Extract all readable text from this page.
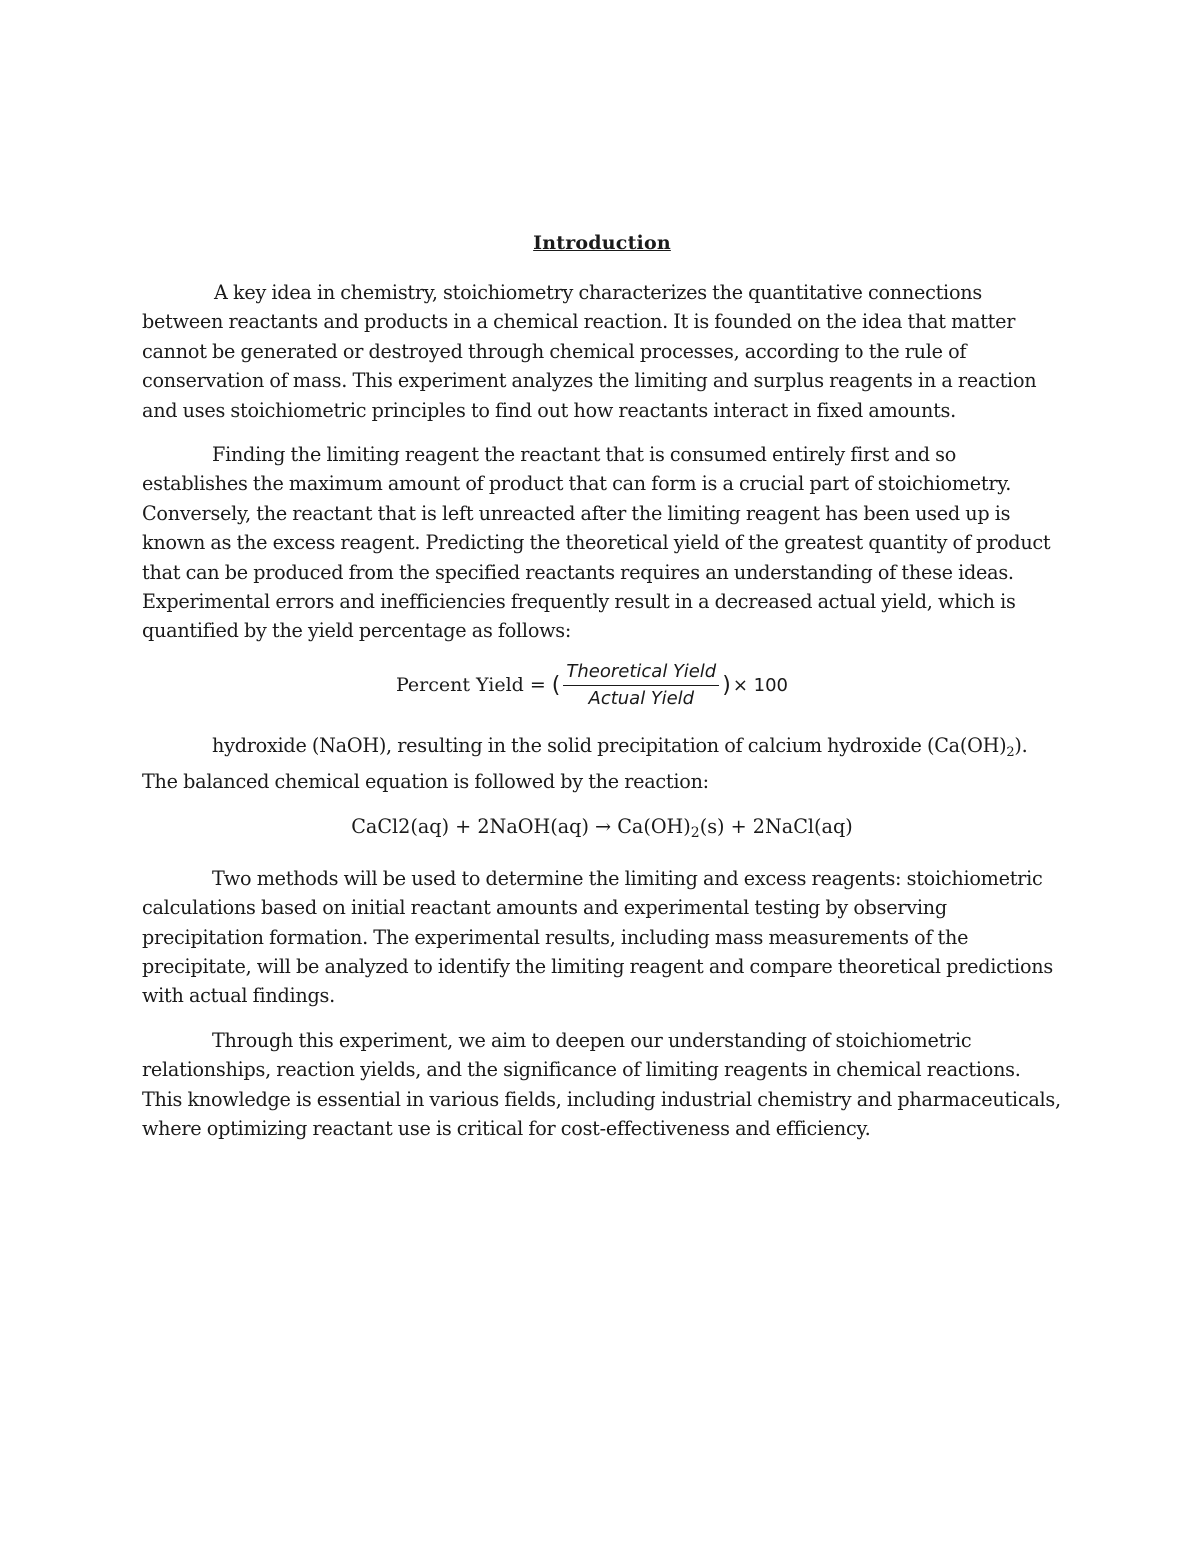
Introduction

A key idea in chemistry, stoichiometry characterizes the quantitative connections between reactants and products in a chemical reaction. It is founded on the idea that matter cannot be generated or destroyed through chemical processes, according to the rule of conservation of mass. This experiment analyzes the limiting and surplus reagents in a reaction and uses stoichiometric principles to find out how reactants interact in fixed amounts.

Finding the limiting reagent the reactant that is consumed entirely first and so establishes the maximum amount of product that can form is a crucial part of stoichiometry. Conversely, the reactant that is left unreacted after the limiting reagent has been used up is known as the excess reagent. Predicting the theoretical yield of the greatest quantity of product that can be produced from the specified reactants requires an understanding of these ideas. Experimental errors and inefficiencies frequently result in a decreased actual yield, which is quantified by the yield percentage as follows:

Percent Yield = ( $\frac{\text{Theoretical Yield}}{\text{Actual Yield}}$ ) × 100

hydroxide (NaOH), resulting in the solid precipitation of calcium hydroxide $(Ca(OH)_2)$. The balanced chemical equation is followed by the reaction:

CaCl2(aq) + 2NaOH(aq) → $Ca(OH)_2(s)$ + 2NaCl(aq)

Two methods will be used to determine the limiting and excess reagents: stoichiometric calculations based on initial reactant amounts and experimental testing by observing precipitation formation. The experimental results, including mass measurements of the precipitate, will be analyzed to identify the limiting reagent and compare theoretical predictions with actual findings.

Through this experiment, we aim to deepen our understanding of stoichiometric relationships, reaction yields, and the significance of limiting reagents in chemical reactions. This knowledge is essential in various fields, including industrial chemistry and pharmaceuticals, where optimizing reactant use is critical for cost-effectiveness and efficiency.
